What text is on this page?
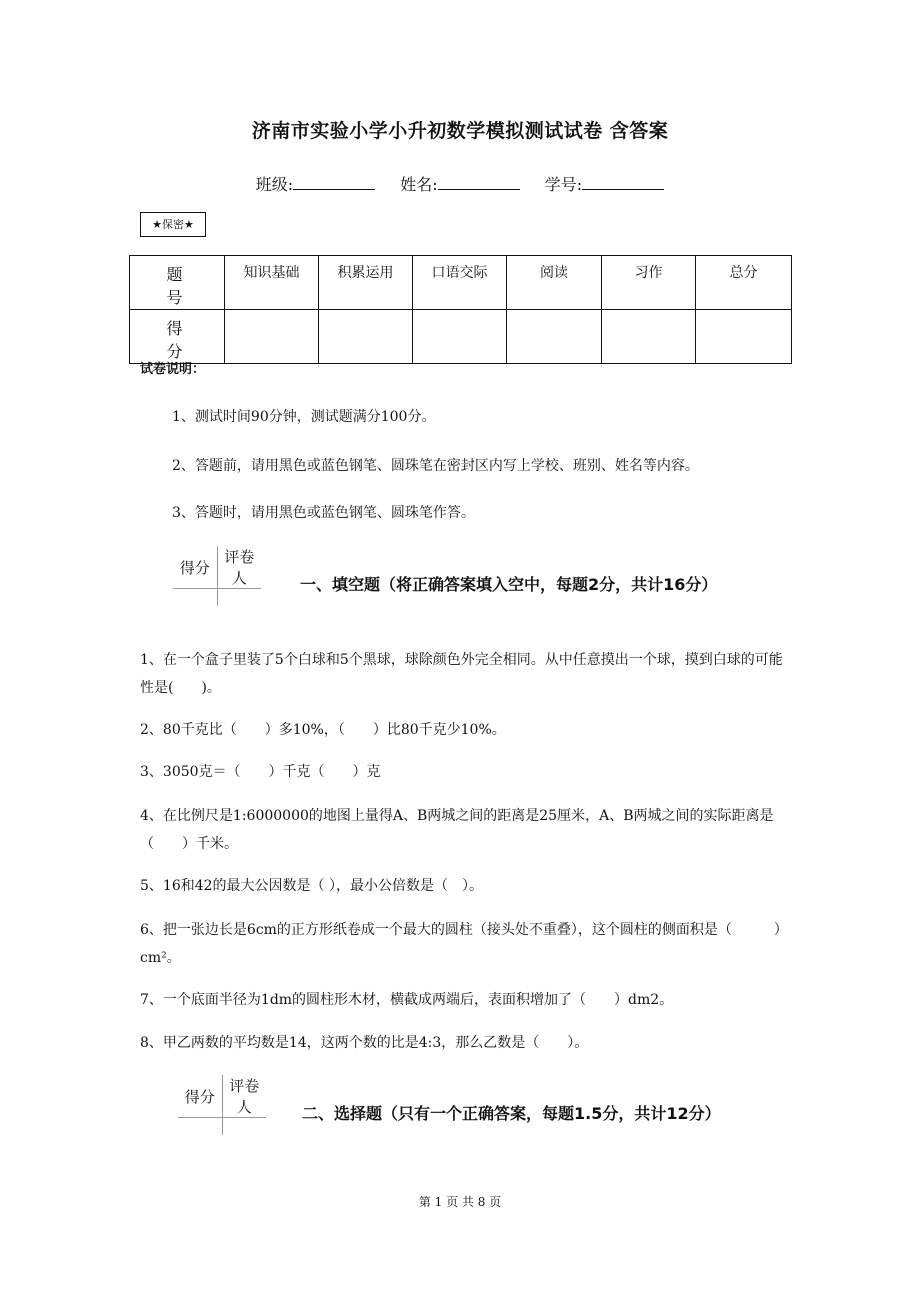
济南市实验小学小升初数学模拟测试试卷 含答案
班级:	姓名:	学号:
★保密★
题　号	知识基础	积累运用	口语交际	阅读	习作	总分
得　分						
试卷说明：
1、测试时间90分钟，测试题满分100分。
2、答题前，请用黑色或蓝色钢笔、圆珠笔在密封区内写上学校、班别、姓名等内容。
3、答题时，请用黑色或蓝色钢笔、圆珠笔作答。
得分	评卷人
		一、填空题（将正确答案填入空中，每题2分，共计16分）
1、在一个盒子里装了5个白球和5个黑球，球除颜色外完全相同。从中任意摸出一个球，摸到白球的可能性是(　　)。
2、80千克比（　　）多10%，（　　）比80千克少10%。
3、3050克＝（　　）千克（　　）克
4、在比例尺是1:6000000的地图上量得A、B两城之间的距离是25厘米，A、B两城之间的实际距离是（　　）千米。
5、16和42的最大公因数是（ ），最小公倍数是（　）。
6、把一张边长是6cm的正方形纸卷成一个最大的圆柱（接头处不重叠），这个圆柱的侧面积是（　　　）cm²。
7、一个底面半径为1dm的圆柱形木材，横截成两端后，表面积增加了（　　）dm2。
8、甲乙两数的平均数是14，这两个数的比是4:3，那么乙数是（　　）。
得分	评卷人
		二、选择题（只有一个正确答案，每题1.5分，共计12分）
第 1 页 共 8 页
